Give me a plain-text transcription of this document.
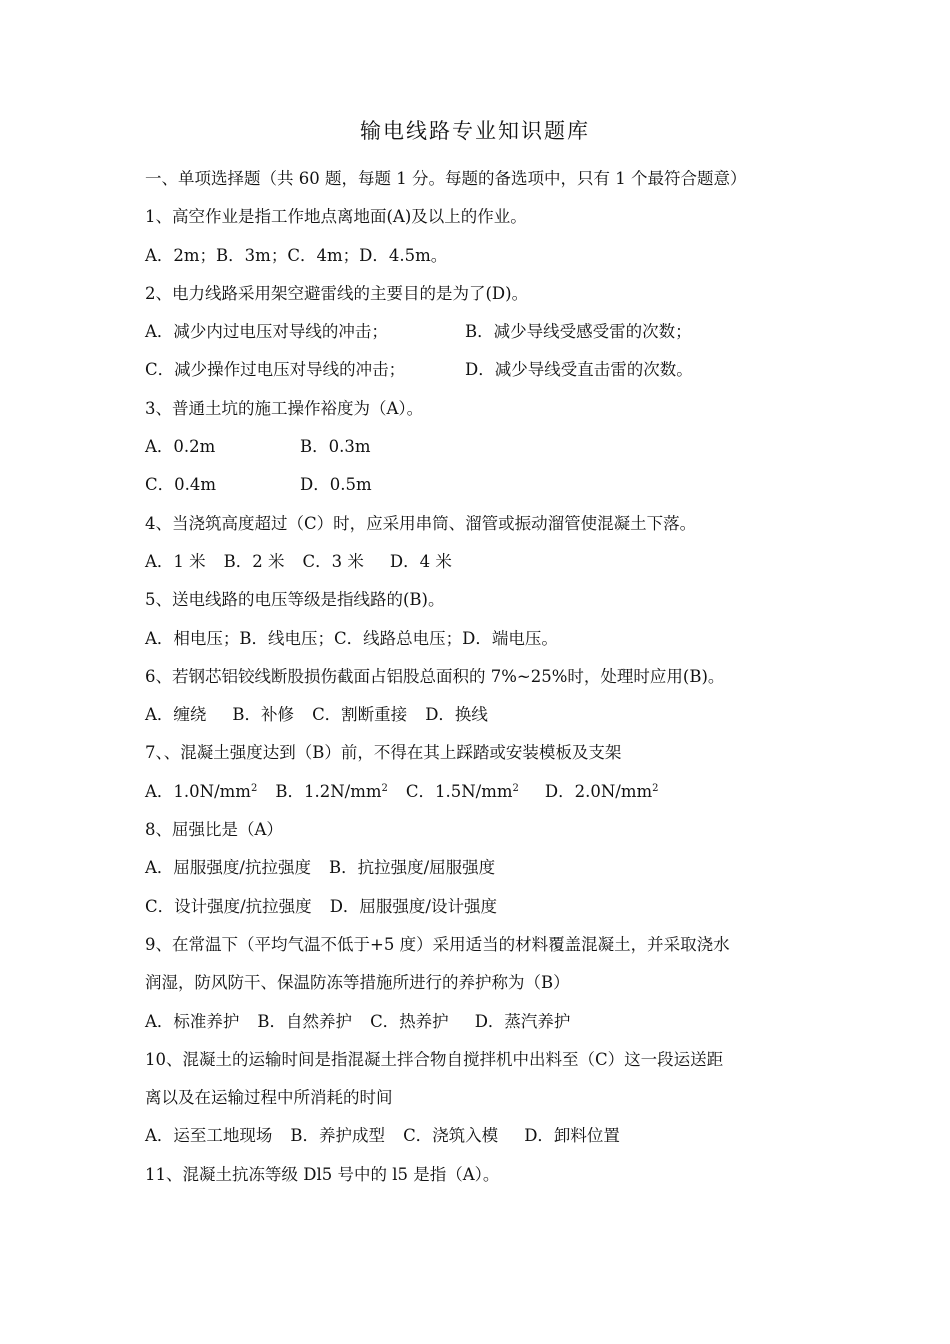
输电线路专业知识题库
一、单项选择题（共 60 题，每题 1 分。每题的备选项中，只有 1 个最符合题意）
1、高空作业是指工作地点离地面(A)及以上的作业。
A．2m；B．3m；C．4m；D．4.5m。
2、电力线路采用架空避雷线的主要目的是为了(D)。
A．减少内过电压对导线的冲击；	B．减少导线受感受雷的次数；
C．减少操作过电压对导线的冲击；	D．减少导线受直击雷的次数。
3、普通土坑的施工操作裕度为（A）。
A．0.2m	B．0.3m
C．0.4m	D．0.5m
4、当浇筑高度超过（C）时，应采用串筒、溜管或振动溜管使混凝土下落。
A．1 米 B．2 米 C．3 米 D．4 米
5、送电线路的电压等级是指线路的(B)。
A．相电压；B．线电压；C．线路总电压；D．端电压。
6、若钢芯铝铰线断股损伤截面占铝股总面积的 7%~25%时，处理时应用(B)。
A．缠绕 B．补修 C．割断重接 D．换线
7、、混凝土强度达到（B）前，不得在其上踩踏或安装模板及支架
A．$1.0N/mm^2$ B．$1.2N/mm^2$ C．$1.5N/mm^2$ D．$2.0N/mm^2$
8、屈强比是（A）
A．屈服强度/抗拉强度 B．抗拉强度/屈服强度
C．设计强度/抗拉强度 D．屈服强度/设计强度
9、在常温下（平均气温不低于+5 度）采用适当的材料覆盖混凝土，并采取浇水
润湿，防风防干、保温防冻等措施所进行的养护称为（B）
A．标准养护 B．自然养护 C．热养护 D．蒸汽养护
10、混凝土的运输时间是指混凝土拌合物自搅拌机中出料至（C）这一段运送距
离以及在运输过程中所消耗的时间
A．运至工地现场 B．养护成型 C．浇筑入模 D．卸料位置
11、混凝土抗冻等级 Dl5 号中的 l5 是指（A）。
